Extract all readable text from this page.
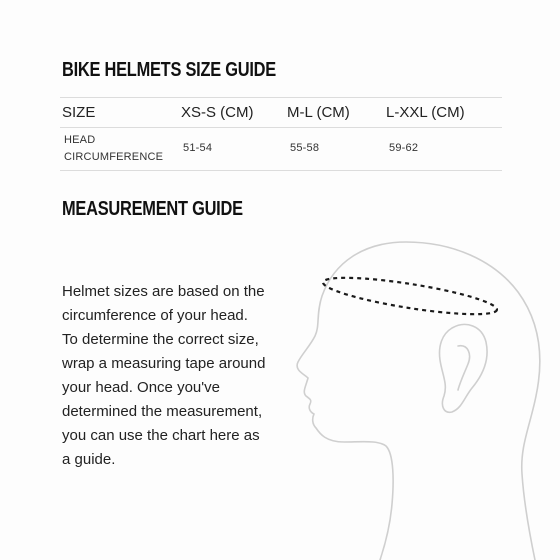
BIKE HELMETS SIZE GUIDE
SIZE	XS-S (CM) M-L (CM) L-XXL (CM)
HEAD
CIRCUMFERENCE
51-54	55-58	59-62
MEASUREMENT GUIDE
Helmet sizes are based on the
circumference of your head.
To determine the correct size,
wrap a measuring tape around
your head. Once you've
determined the measurement,
you can use the chart here as
a guide.
